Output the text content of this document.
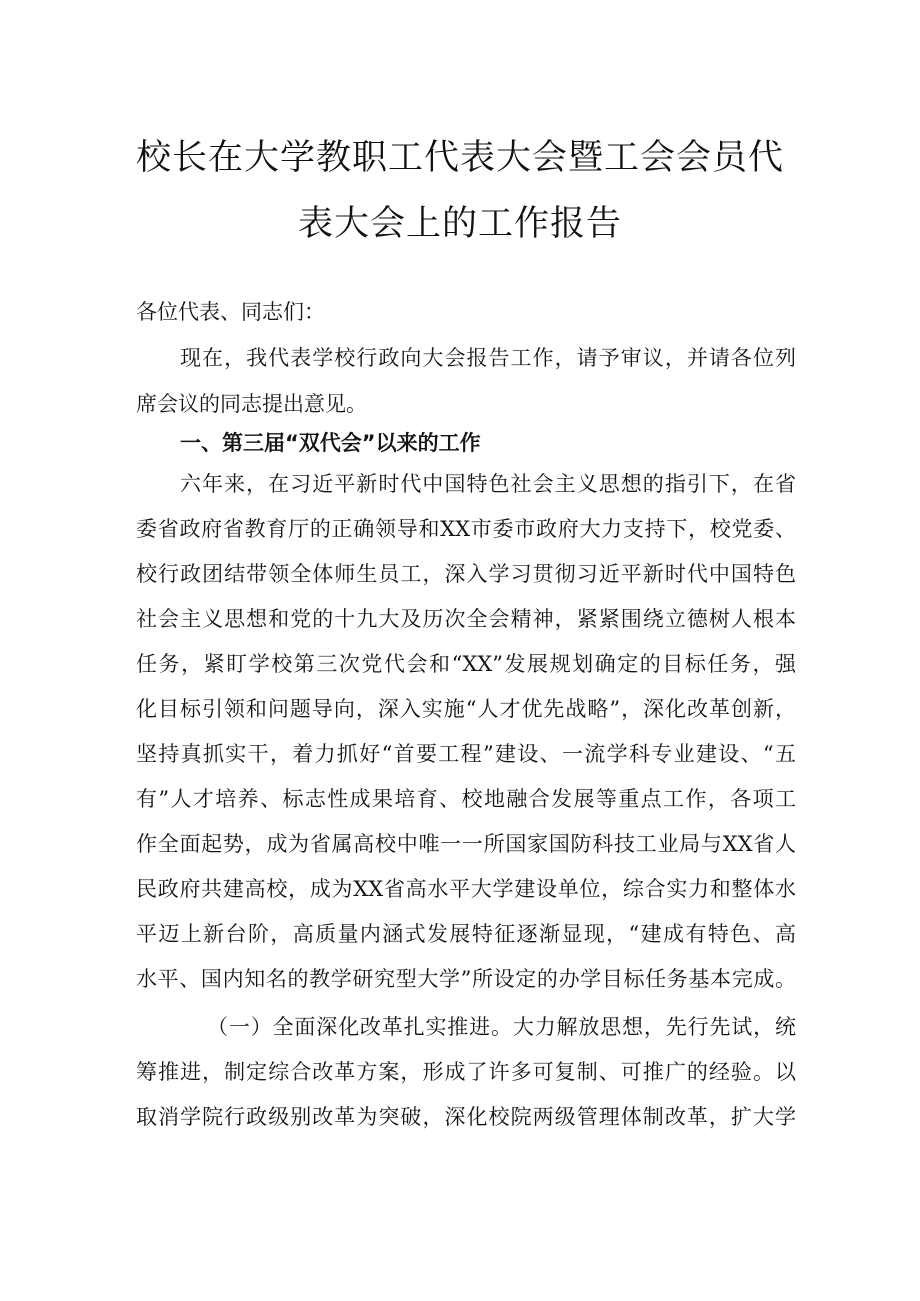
校长在大学教职工代表大会暨工会会员代
表大会上的工作报告
各位代表、同志们：
现在，我代表学校行政向大会报告工作，请予审议，并请各位列
席会议的同志提出意见。
一、第三届“双代会”以来的工作
六年来，在习近平新时代中国特色社会主义思想的指引下，在省
委省政府省教育厅的正确领导和XX市委市政府大力支持下，校党委、
校行政团结带领全体师生员工，深入学习贯彻习近平新时代中国特色
社会主义思想和党的十九大及历次全会精神，紧紧围绕立德树人根本
任务，紧盯学校第三次党代会和“XX”发展规划确定的目标任务，强
化目标引领和问题导向，深入实施“人才优先战略”，深化改革创新，
坚持真抓实干，着力抓好“首要工程”建设、一流学科专业建设、“五
有”人才培养、标志性成果培育、校地融合发展等重点工作，各项工
作全面起势，成为省属高校中唯一一所国家国防科技工业局与XX省人
民政府共建高校，成为XX省高水平大学建设单位，综合实力和整体水
平迈上新台阶，高质量内涵式发展特征逐渐显现，“建成有特色、高
水平、国内知名的教学研究型大学”所设定的办学目标任务基本完成。
（一）全面深化改革扎实推进。大力解放思想，先行先试，统
筹推进，制定综合改革方案，形成了许多可复制、可推广的经验。以
取消学院行政级别改革为突破，深化校院两级管理体制改革，扩大学
